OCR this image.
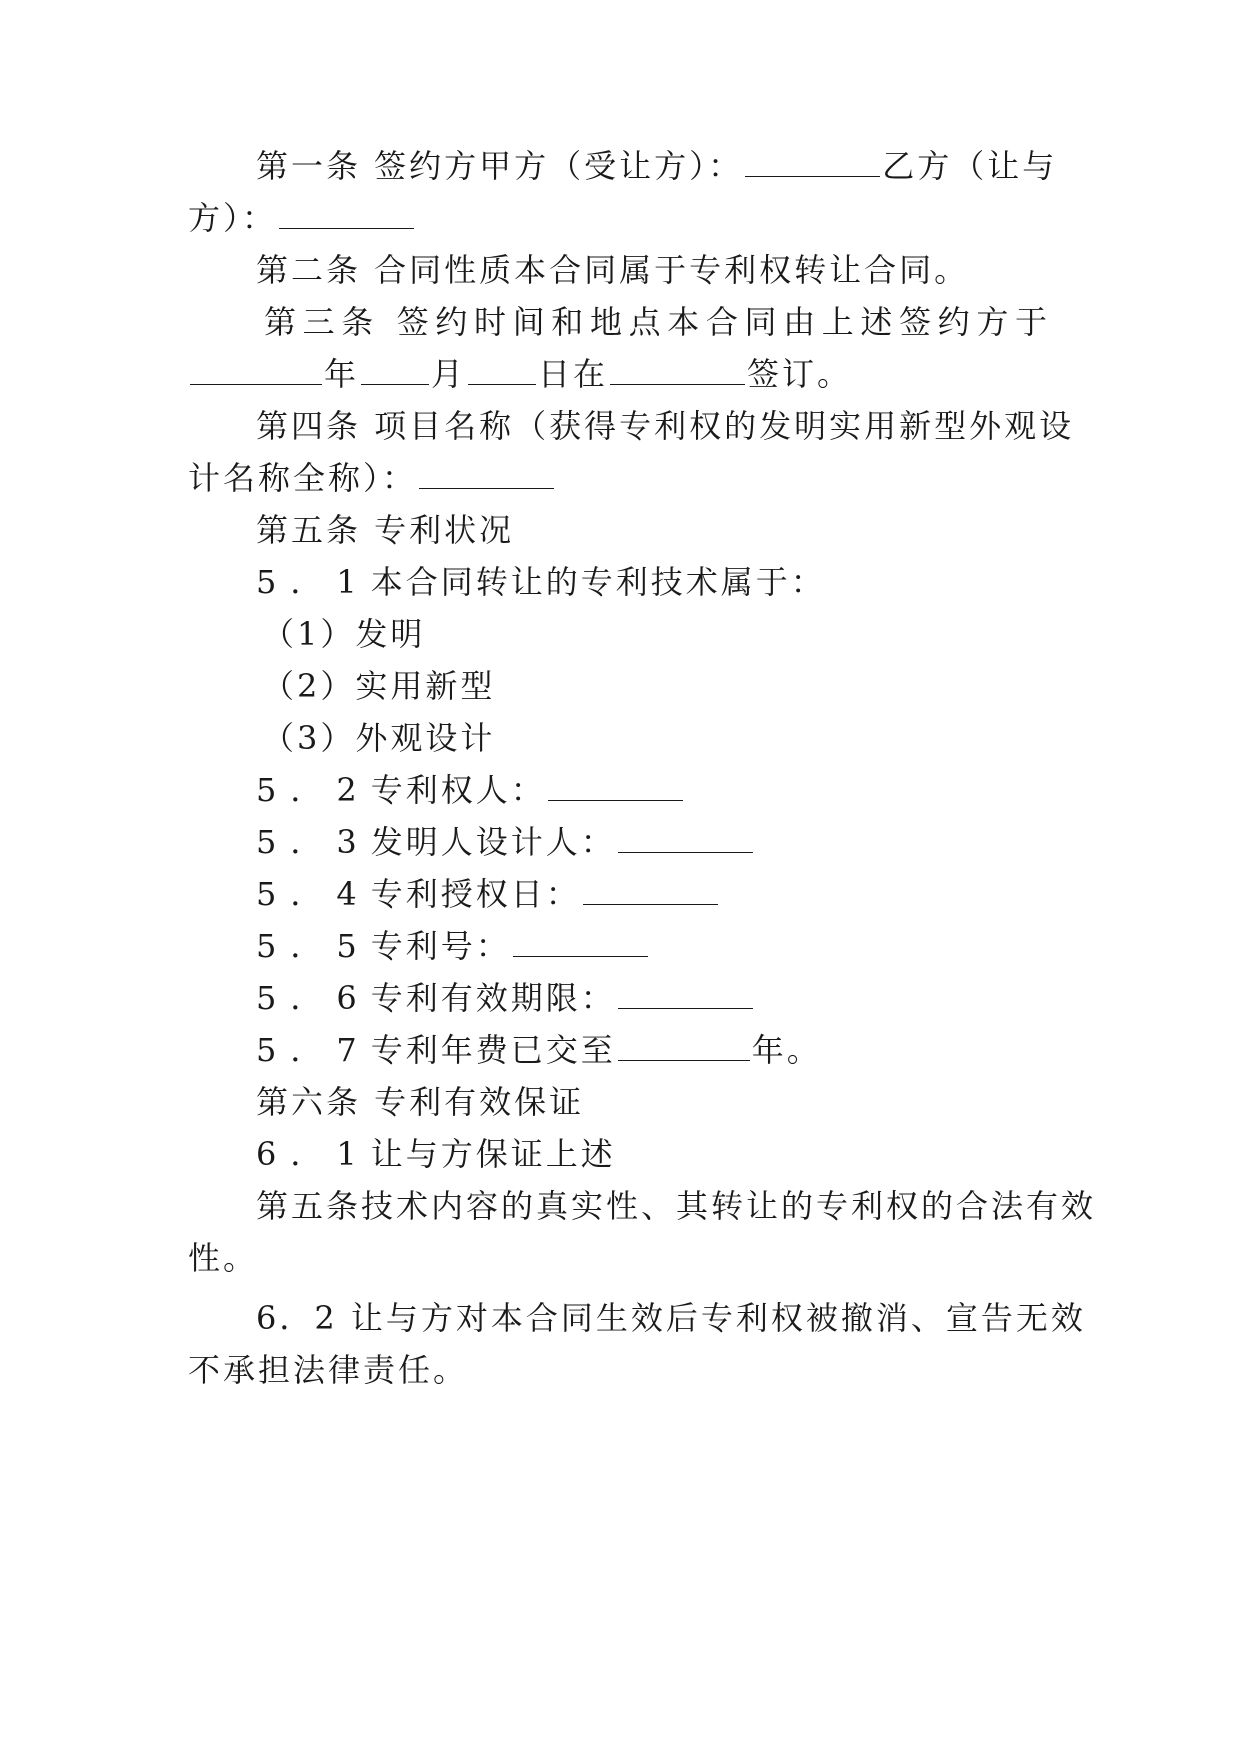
第一条 签约方甲方（受让方）：	乙方（让与
方）：
第二条 合同性质本合同属于专利权转让合同。
第三条 签约时间和地点本合同由上述签约方于
年 月 日在	签订。
第四条 项目名称（获得专利权的发明实用新型外观设
计名称全称）：
第五条 专利状况
5．1本合同转让的专利技术属于：
（1）发明
（2）实用新型
（3）外观设计
5．2专利权人：
5．3发明人设计人：
5．4专利授权日：
5．5专利号：
5．6专利有效期限：
5．7专利年费已交至	年。
第六条 专利有效保证
6．1让与方保证上述
第五条技术内容的真实性、其转让的专利权的合法有效
性。
6．2 让与方对本合同生效后专利权被撤消、宣告无效
不承担法律责任。
